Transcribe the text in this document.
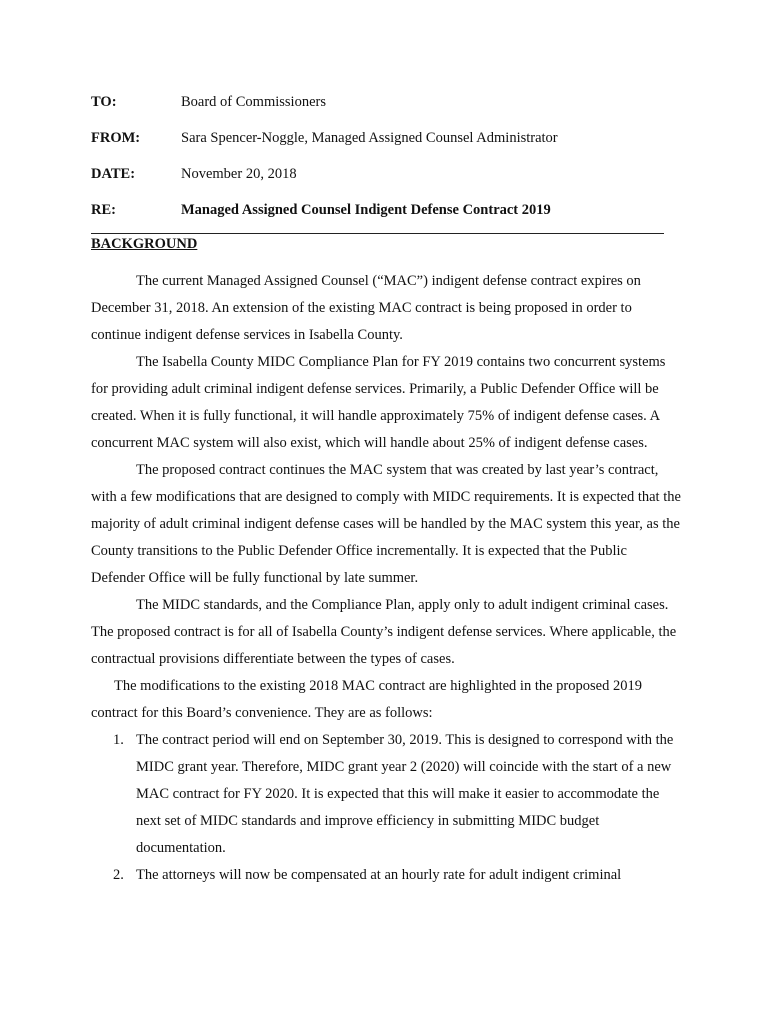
TO:	Board of Commissioners
FROM:	Sara Spencer-Noggle, Managed Assigned Counsel Administrator
DATE:	November 20, 2018
RE:	Managed Assigned Counsel Indigent Defense Contract 2019
BACKGROUND

The current Managed Assigned Counsel (“MAC”) indigent defense contract expires on December 31, 2018. An extension of the existing MAC contract is being proposed in order to continue indigent defense services in Isabella County.

The Isabella County MIDC Compliance Plan for FY 2019 contains two concurrent systems for providing adult criminal indigent defense services. Primarily, a Public Defender Office will be created. When it is fully functional, it will handle approximately 75% of indigent defense cases. A concurrent MAC system will also exist, which will handle about 25% of indigent defense cases.

The proposed contract continues the MAC system that was created by last year’s contract, with a few modifications that are designed to comply with MIDC requirements. It is expected that the majority of adult criminal indigent defense cases will be handled by the MAC system this year, as the County transitions to the Public Defender Office incrementally. It is expected that the Public Defender Office will be fully functional by late summer.

The MIDC standards, and the Compliance Plan, apply only to adult indigent criminal cases. The proposed contract is for all of Isabella County’s indigent defense services. Where applicable, the contractual provisions differentiate between the types of cases.

The modifications to the existing 2018 MAC contract are highlighted in the proposed 2019 contract for this Board’s convenience. They are as follows:

1. The contract period will end on September 30, 2019. This is designed to correspond with the MIDC grant year. Therefore, MIDC grant year 2 (2020) will coincide with the start of a new MAC contract for FY 2020. It is expected that this will make it easier to accommodate the next set of MIDC standards and improve efficiency in submitting MIDC budget documentation.
2. The attorneys will now be compensated at an hourly rate for adult indigent criminal
